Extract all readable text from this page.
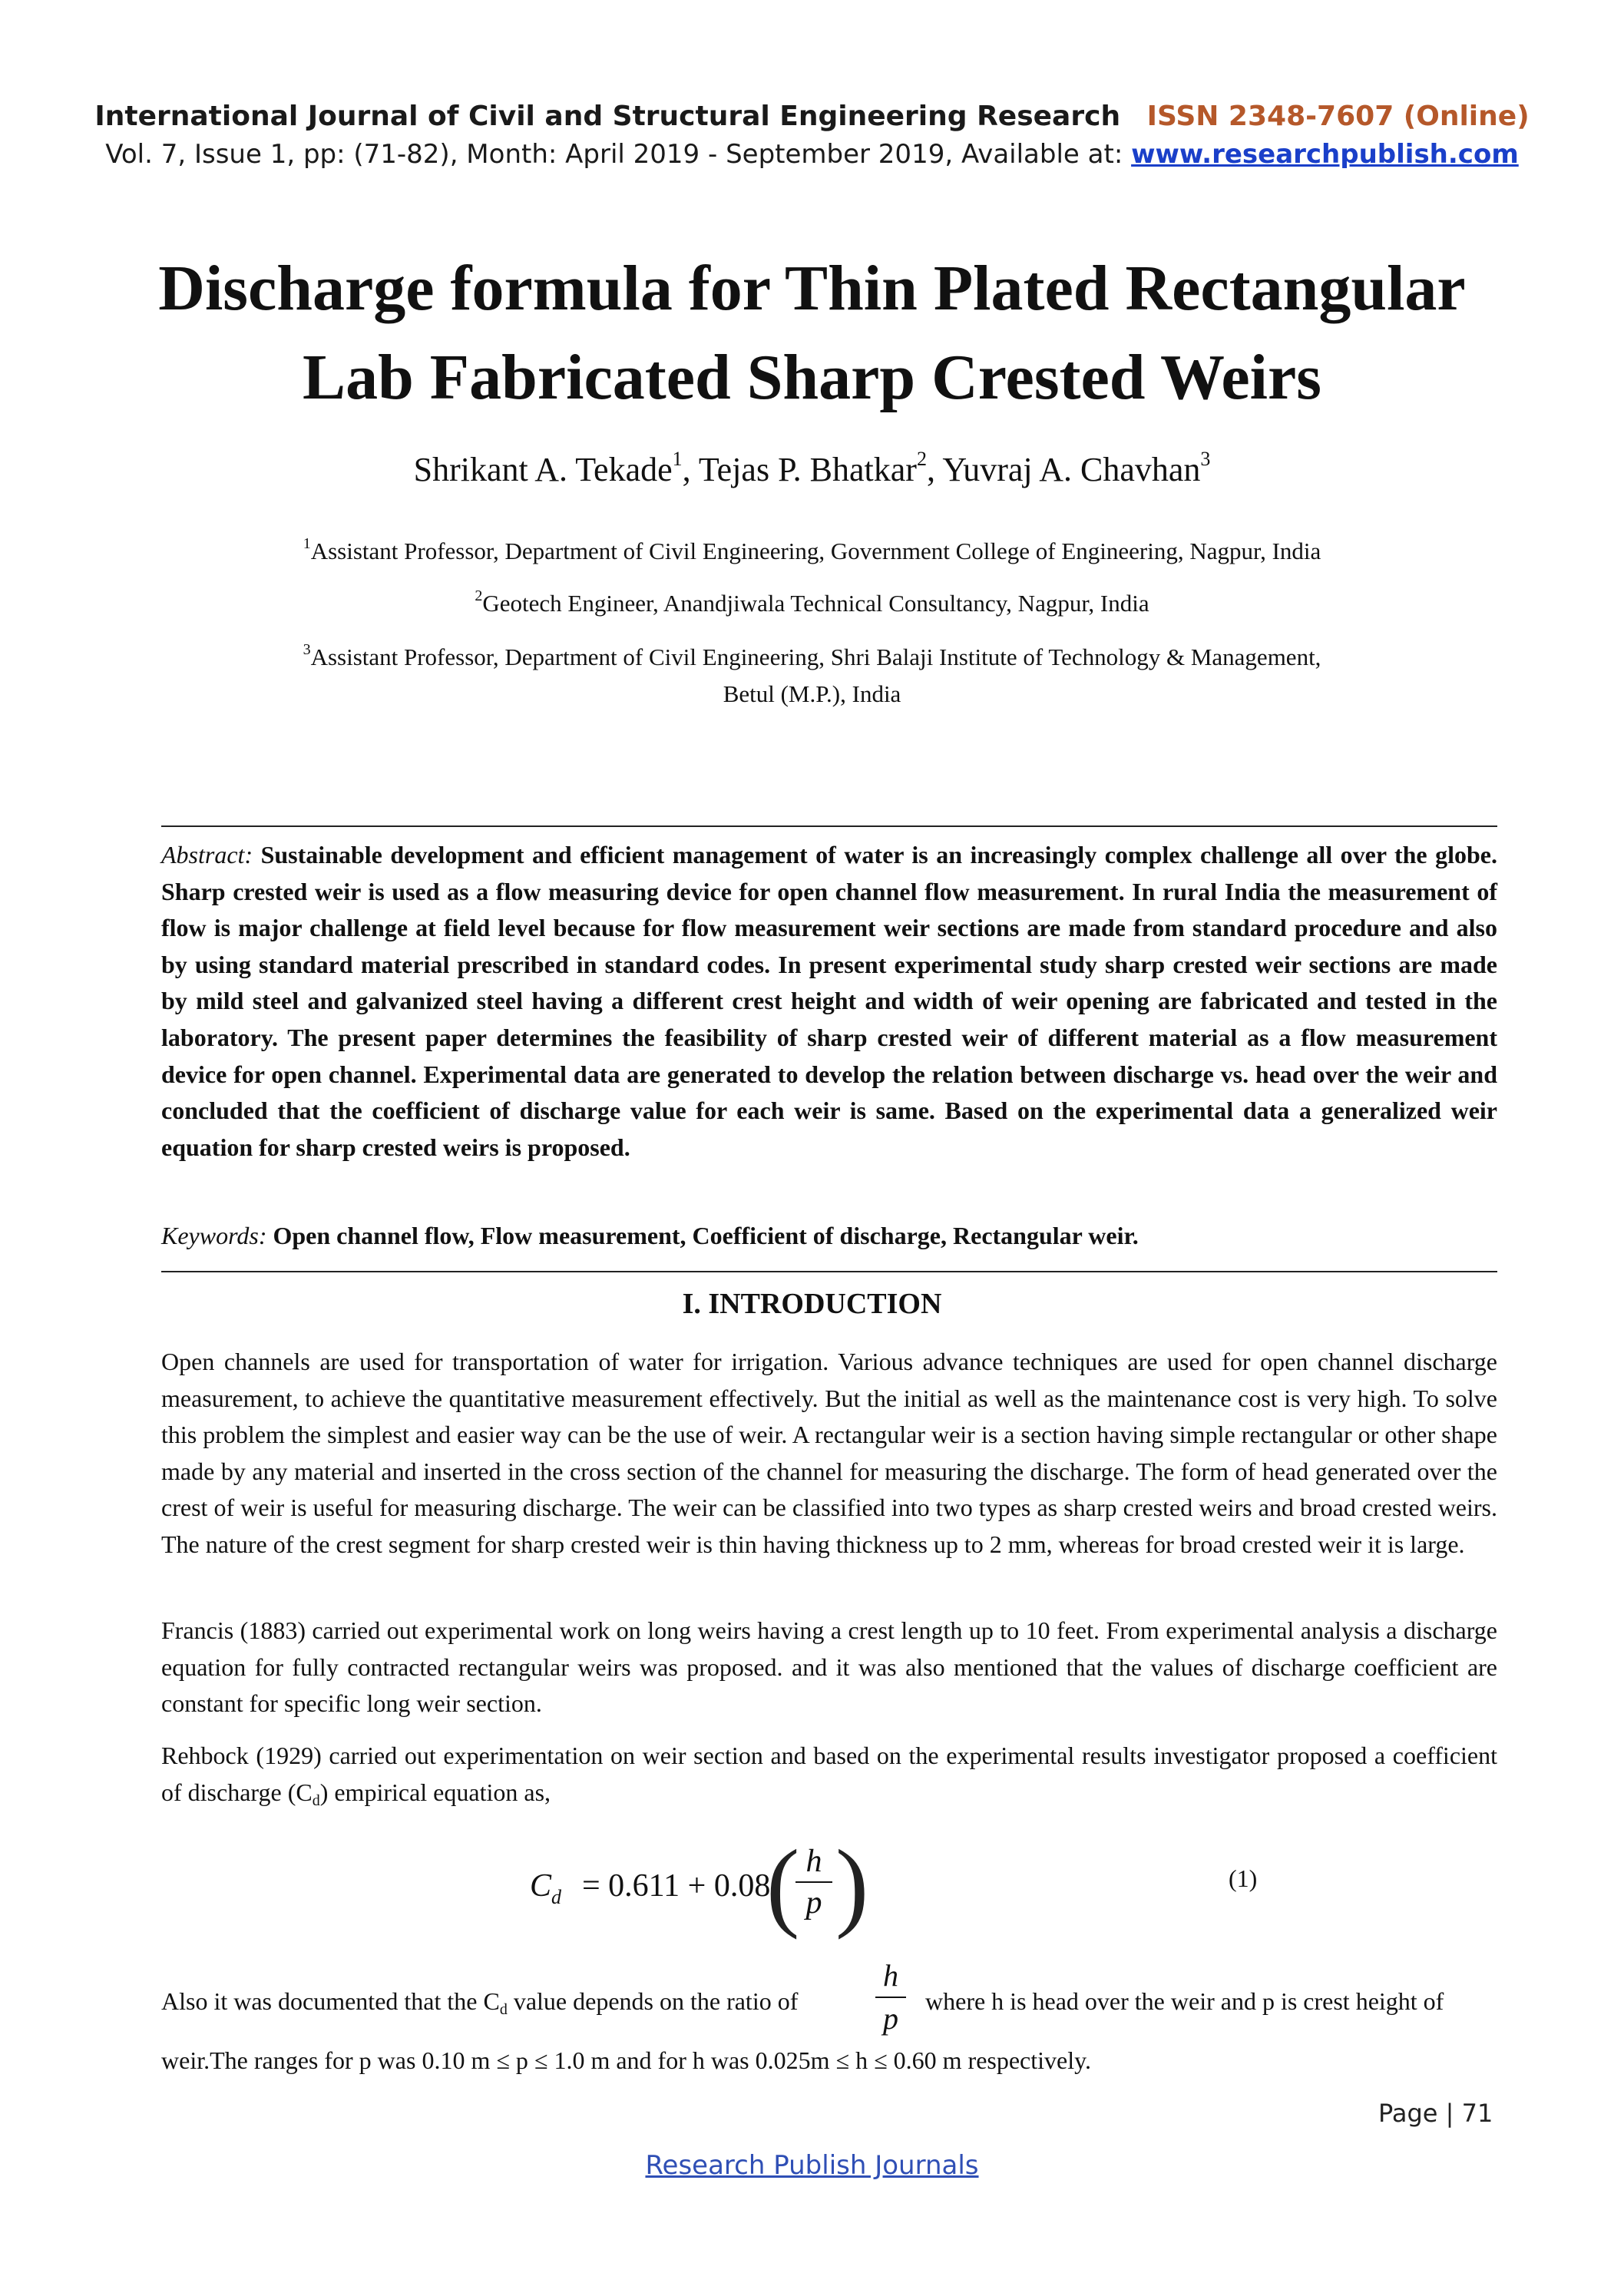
International Journal of Civil and Structural Engineering Research ISSN 2348-7607 (Online)
Vol. 7, Issue 1, pp: (71-82), Month: April 2019 - September 2019, Available at: www.researchpublish.com
Discharge formula for Thin Plated Rectangular
Lab Fabricated Sharp Crested Weirs
Shrikant A. Tekade$^1$, Tejas P. Bhatkar$^2$, Yuvraj A. Chavhan$^3$
$^1$Assistant Professor, Department of Civil Engineering, Government College of Engineering, Nagpur, India
$^2$Geotech Engineer, Anandjiwala Technical Consultancy, Nagpur, India
$^3$Assistant Professor, Department of Civil Engineering, Shri Balaji Institute of Technology & Management,
Betul (M.P.), India
Abstract: Sustainable development and efficient management of water is an increasingly complex challenge all over the globe. Sharp crested weir is used as a flow measuring device for open channel flow measurement. In rural India the measurement of flow is major challenge at field level because for flow measurement weir sections are made from standard procedure and also by using standard material prescribed in standard codes. In present experimental study sharp crested weir sections are made by mild steel and galvanized steel having a different crest height and width of weir opening are fabricated and tested in the laboratory. The present paper determines the feasibility of sharp crested weir of different material as a flow measurement device for open channel. Experimental data are generated to develop the relation between discharge vs. head over the weir and concluded that the coefficient of discharge value for each weir is same. Based on the experimental data a generalized weir equation for sharp crested weirs is proposed.
Keywords: Open channel flow, Flow measurement, Coefficient of discharge, Rectangular weir.
I. INTRODUCTION

Open channels are used for transportation of water for irrigation. Various advance techniques are used for open channel discharge measurement, to achieve the quantitative measurement effectively. But the initial as well as the maintenance cost is very high. To solve this problem the simplest and easier way can be the use of weir. A rectangular weir is a section having simple rectangular or other shape made by any material and inserted in the cross section of the channel for measuring the discharge. The form of head generated over the crest of weir is useful for measuring discharge. The weir can be classified into two types as sharp crested weirs and broad crested weirs. The nature of the crest segment for sharp crested weir is thin having thickness up to 2 mm, whereas for broad crested weir it is large.

Francis (1883) carried out experimental work on long weirs having a crest length up to 10 feet. From experimental analysis a discharge equation for fully contracted rectangular weirs was proposed. and it was also mentioned that the values of discharge coefficient are constant for specific long weir section.

Rehbock (1929) carried out experimentation on weir section and based on the experimental results investigator proposed a coefficient of discharge $(C_d)$ empirical equation as,

$C_d = 0.611 + 0.08$
( h
p )	(1)
Also it was documented that the $C_d$ value depends on the ratio of
h
p	where h is head over the weir and p is crest height of

weir.The ranges for p was 0.10 m ≤ p ≤ 1.0 m and for h was 0.025m ≤ h ≤ 0.60 m respectively.

Page | 71
Research Publish Journals
